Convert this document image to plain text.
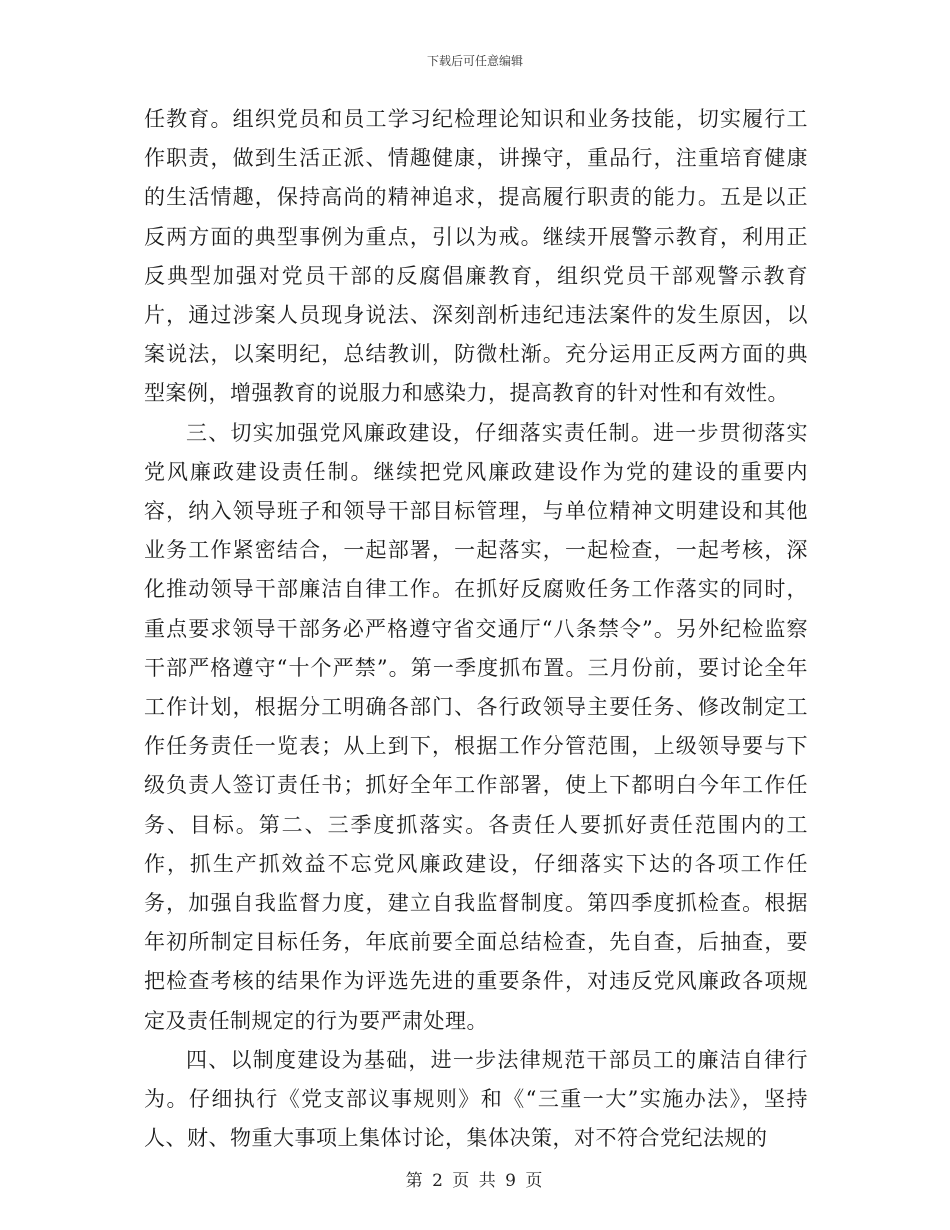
下载后可任意编辑

任教育。组织党员和员工学习纪检理论知识和业务技能，切实履行工作职责，做到生活正派、情趣健康，讲操守，重品行，注重培育健康的生活情趣，保持高尚的精神追求，提高履行职责的能力。五是以正反两方面的典型事例为重点，引以为戒。继续开展警示教育，利用正反典型加强对党员干部的反腐倡廉教育，组织党员干部观警示教育片，通过涉案人员现身说法、深刻剖析违纪违法案件的发生原因，以案说法，以案明纪，总结教训，防微杜渐。充分运用正反两方面的典型案例，增强教育的说服力和感染力，提高教育的针对性和有效性。

三、切实加强党风廉政建设，仔细落实责任制。进一步贯彻落实党风廉政建设责任制。继续把党风廉政建设作为党的建设的重要内容，纳入领导班子和领导干部目标管理，与单位精神文明建设和其他业务工作紧密结合，一起部署，一起落实，一起检查，一起考核，深化推动领导干部廉洁自律工作。在抓好反腐败任务工作落实的同时，重点要求领导干部务必严格遵守省交通厅“八条禁令”。另外纪检监察干部严格遵守“十个严禁”。第一季度抓布置。三月份前，要讨论全年工作计划，根据分工明确各部门、各行政领导主要任务、修改制定工作任务责任一览表；从上到下，根据工作分管范围，上级领导要与下级负责人签订责任书；抓好全年工作部署，使上下都明白今年工作任务、目标。第二、三季度抓落实。各责任人要抓好责任范围内的工作，抓生产抓效益不忘党风廉政建设，仔细落实下达的各项工作任务，加强自我监督力度，建立自我监督制度。第四季度抓检查。根据年初所制定目标任务，年底前要全面总结检查，先自查，后抽查，要把检查考核的结果作为评选先进的重要条件，对违反党风廉政各项规定及责任制规定的行为要严肃处理。

四、以制度建设为基础，进一步法律规范干部员工的廉洁自律行为。仔细执行《党支部议事规则》和《“三重一大”实施办法》，坚持人、财、物重大事项上集体讨论，集体决策，对不符合党纪法规的

第 2 页 共 9 页
